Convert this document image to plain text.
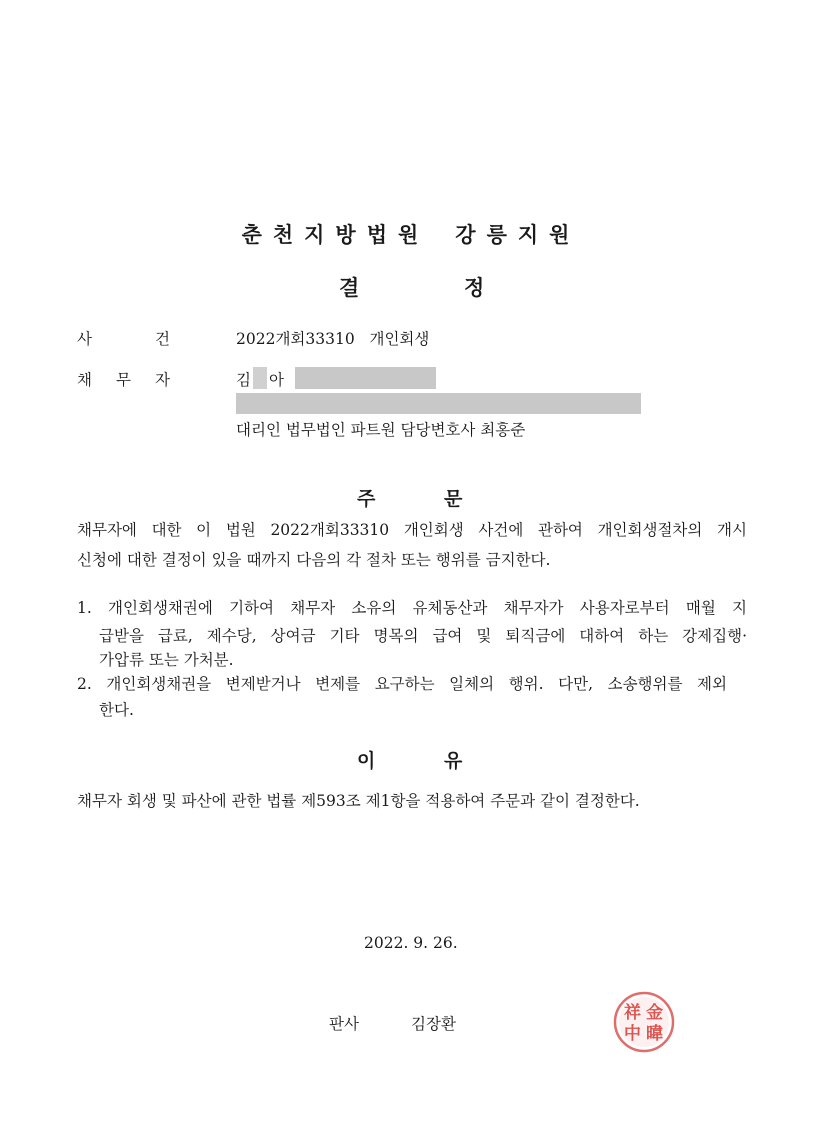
춘천지방법원 강릉지원
결	정
사	건	2022개회33310   개인회생
채 무 자	김 아
대리인 법무법인 파트원 담당변호사 최홍준
주	문
채무자에 대한 이 법원 2022개회33310 개인회생 사건에 관하여 개인회생절차의 개시
신청에 대한 결정이 있을 때까지 다음의 각 절차 또는 행위를 금지한다.
1. 개인회생채권에 기하여 채무자 소유의 유체동산과 채무자가 사용자로부터 매월 지
급받을 급료, 제수당, 상여금 기타 명목의 급여 및 퇴직금에 대하여 하는 강제집행·
가압류 또는 가처분.
2. 개인회생채권을 변제받거나 변제를 요구하는 일체의 행위. 다만, 소송행위를 제외
한다.
이	유
채무자 회생 및 파산에 관한 법률 제593조 제1항을 적용하여 주문과 같이 결정한다.
2022. 9. 26.
판사	김장환
金
祥
中 暐
